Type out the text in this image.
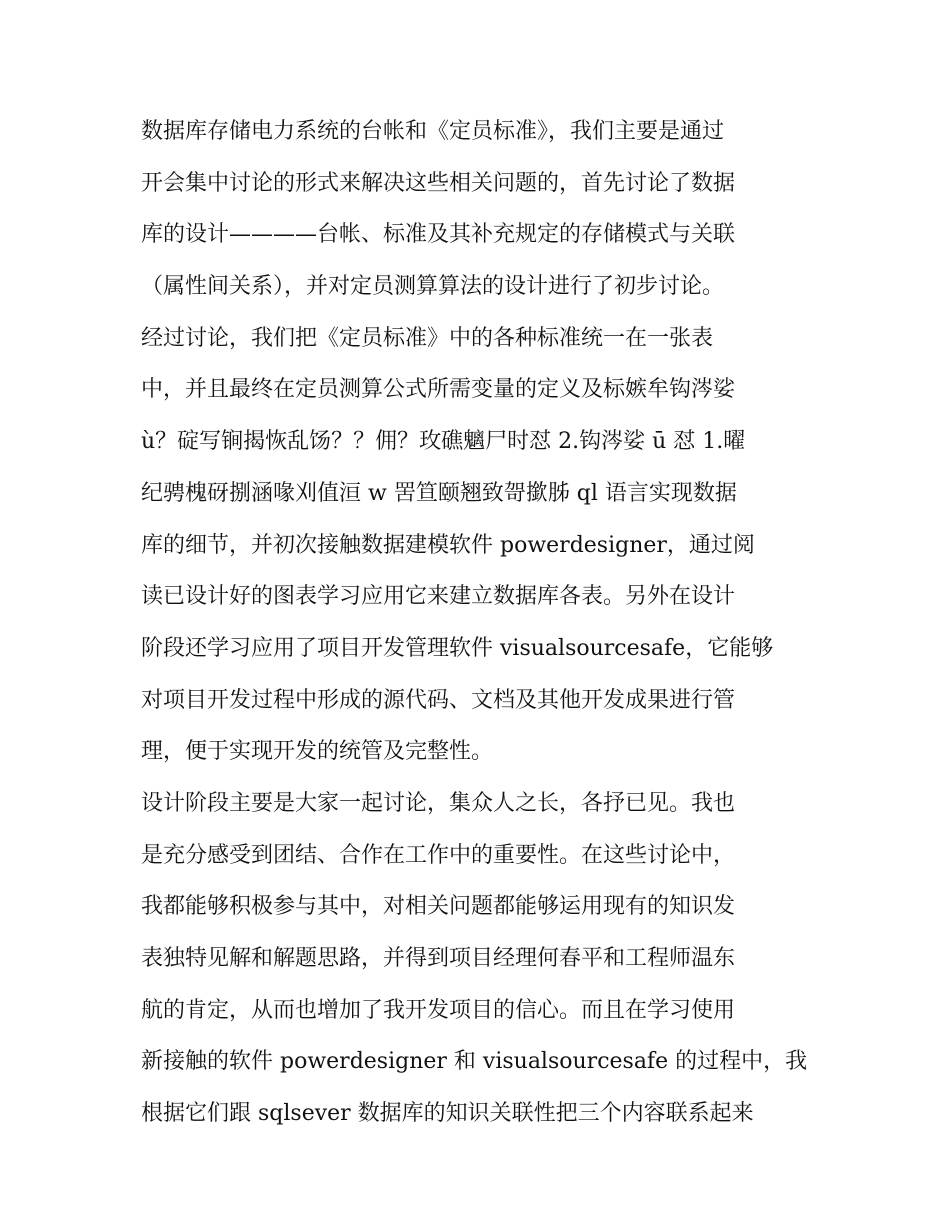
数据库存储电力系统的台帐和《定员标准》，我们主要是通过
开会集中讨论的形式来解决这些相关问题的，首先讨论了数据
库的设计————台帐、标准及其补充规定的存储模式与关联
（属性间关系），并对定员测算算法的设计进行了初步讨论。
经过讨论，我们把《定员标准》中的各种标准统一在一张表
中，并且最终在定员测算公式所需变量的定义及标嫉牟钩涔娑
ù？碇写锏揭恢乱饧？？佣？玫礁魑尸时怼 2.钩涔娑 ū 怼 1.曜
纪骋槐砑捌涵喙刈值洹 w 罟笪颐翘致哿撳胏 ql 语言实现数据
库的细节，并初次接触数据建模软件 powerdesigner，通过阅
读已设计好的图表学习应用它来建立数据库各表。另外在设计
阶段还学习应用了项目开发管理软件 visualsourcesafe，它能够
对项目开发过程中形成的源代码、文档及其他开发成果进行管
理，便于实现开发的统管及完整性。
设计阶段主要是大家一起讨论，集众人之长，各抒已见。我也
是充分感受到团结、合作在工作中的重要性。在这些讨论中，
我都能够积极参与其中，对相关问题都能够运用现有的知识发
表独特见解和解题思路，并得到项目经理何春平和工程师温东
航的肯定，从而也增加了我开发项目的信心。而且在学习使用
新接触的软件 powerdesigner 和 visualsourcesafe 的过程中，我
根据它们跟 sqlsever 数据库的知识关联性把三个内容联系起来
